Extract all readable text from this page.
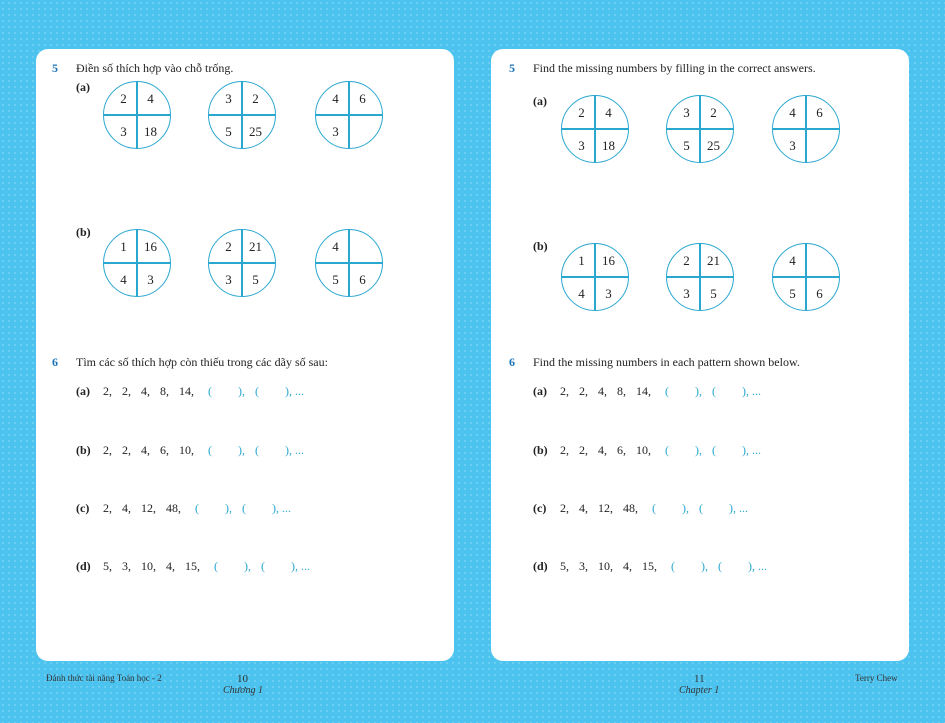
5 Điền số thích hợp vào chỗ trống.
(a)
2	4
3	18
3	2
5	25
4	6
3
(b)
1	16
4	3
2	21
3	5
4
5	6
6 Tìm các số thích hợp còn thiếu trong các dãy số sau:
(a)	2, 2, 4, 8, 14, ( ), ( ), ...
(b)	2, 2, 4, 6, 10, ( ), ( ), ...
(c)	2, 4, 12, 48, ( ), ( ), ...
(d)	5, 3, 10, 4, 15, ( ), ( ), ...
5 Find the missing numbers by filling in the correct answers.
(a)
2	4
3	18
3	2
5	25
4	6
3
(b)
1	16
4	3
2	21
3	5
4
5	6
6 Find the missing numbers in each pattern shown below.
(a)	2, 2, 4, 8, 14, ( ), ( ), ...
(b)	2, 2, 4, 6, 10, ( ), ( ), ...
(c)	2, 4, 12, 48, ( ), ( ), ...
(d)	5, 3, 10, 4, 15, ( ), ( ), ...
Đánh thức tài năng Toán học - 2	10
Chương 1
11
Chapter 1
Terry Chew
